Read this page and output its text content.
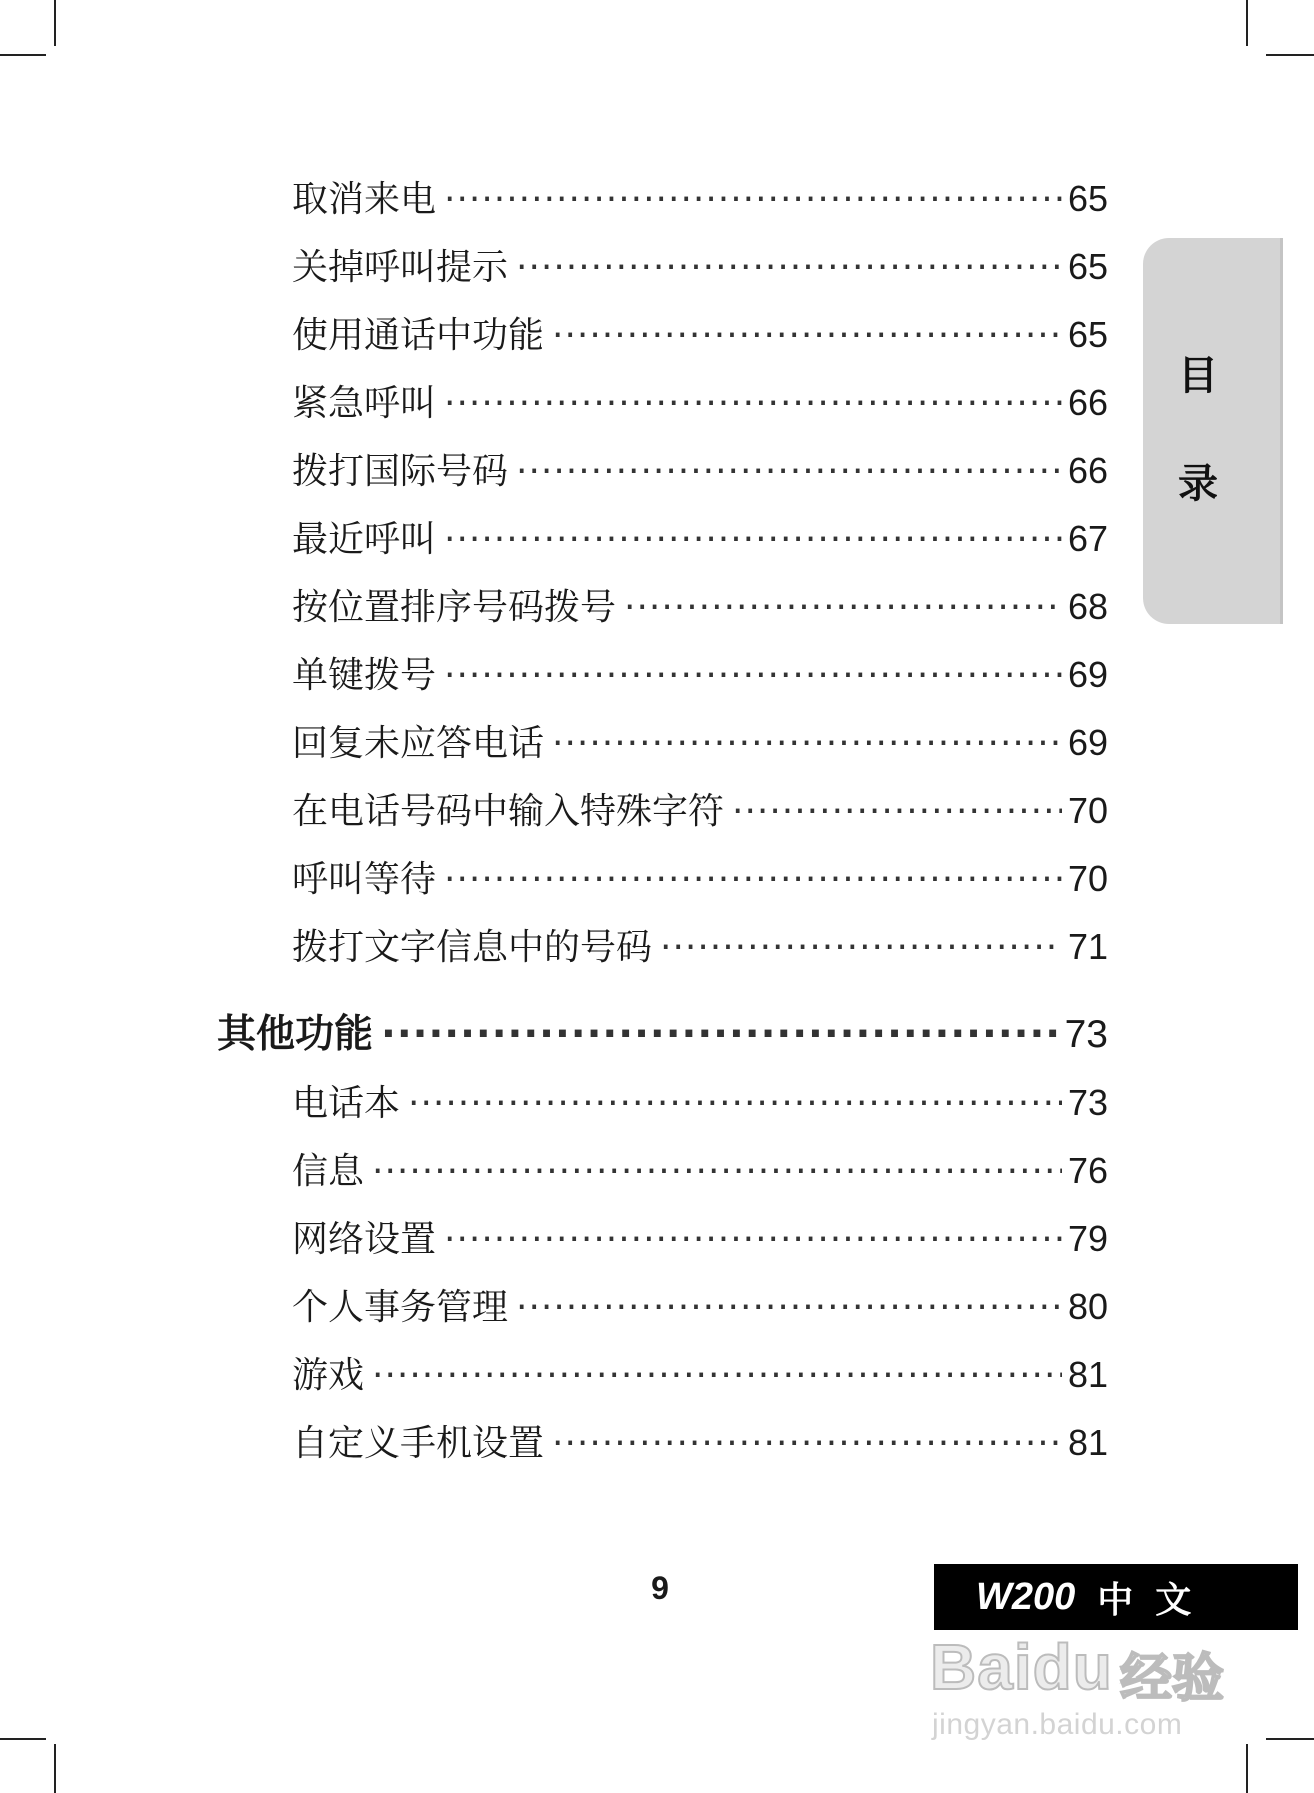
取消来电 ·····	65
关掉呼叫提示 ·····	65
使用通话中功能 ·····	65
紧急呼叫 ·····	66
拨打国际号码 ·····	66
最近呼叫 ·····	67
按位置排序号码拨号 ·····	68
单键拨号 ·····	69
回复未应答电话 ·····	69
在电话号码中输入特殊字符 ·····	70
呼叫等待 ·····	70
拨打文字信息中的号码 ·····	71
其他功能 ·····	73
电话本 ·····	73
信息 ·····	76
网络设置 ·····	79
个人事务管理 ·····	80
游戏 ·····	81
自定义手机设置 ·····	81
目
录
9	W200 中文
Baidu 经验
jingyan.baidu.com
